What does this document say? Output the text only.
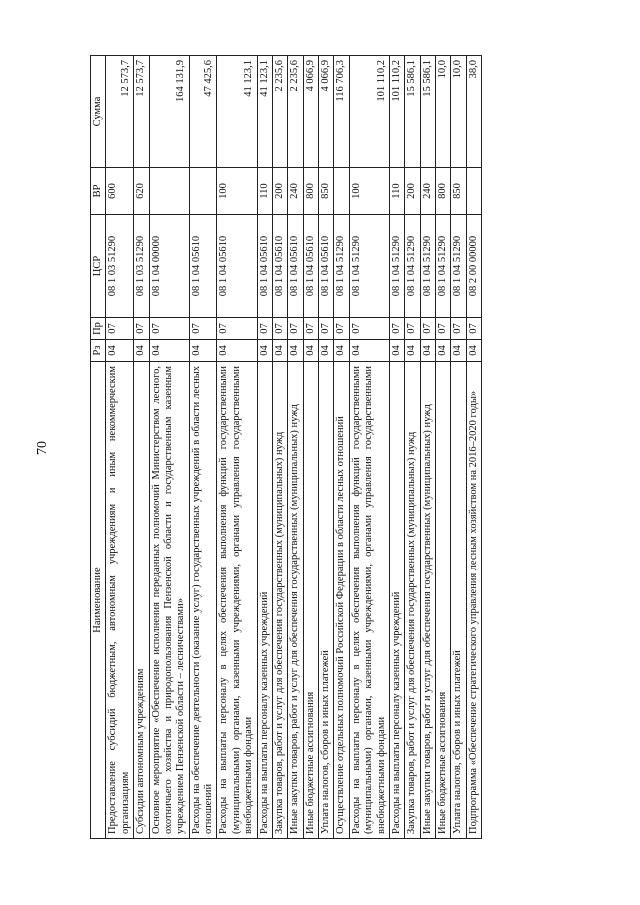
70
Наименование	Рз	Пр	ЦСР	ВР	Сумма
Предоставление субсидий бюджетным, автономным учреждениям и иным некоммерческим организациям	04	07	08 1 03 51290	600	12 573,7
Субсидии автономным учреждениям	04	07	08 1 03 51290	620	12 573,7
Основное мероприятие «Обеспечение исполнения переданных полномочий Министерством лесного, охотничьего хозяйства и природопользования Пензенской области и государственным казенным учреждением Пензенской области – лесничествами»	04	07	08 1 04 00000		164 131,9
Расходы на обеспечение деятельности (оказание услуг) государственных учреждений в области лесных отношений	04	07	08 1 04 05610		47 425,6
Расходы на выплаты персоналу в целях обеспечения выполнения функций государственными (муниципальными) органами, казенными учреждениями, органами управления государственными внебюджетными фондами	04	07	08 1 04 05610	100	41 123,1
Расходы на выплаты персоналу казенных учреждений	04	07	08 1 04 05610	110	41 123,1
Закупка товаров, работ и услуг для обеспечения государственных (муниципальных) нужд	04	07	08 1 04 05610	200	2 235,6
Иные закупки товаров, работ и услуг для обеспечения государственных (муниципальных) нужд	04	07	08 1 04 05610	240	2 235,6
Иные бюджетные ассигнования	04	07	08 1 04 05610	800	4 066,9
Уплата налогов, сборов и иных платежей	04	07	08 1 04 05610	850	4 066,9
Осуществление отдельных полномочий Российской Федерации в области лесных отношений	04	07	08 1 04 51290		116 706,3
Расходы на выплаты персоналу в целях обеспечения выполнения функций государственными (муниципальными) органами, казенными учреждениями, органами управления государственными внебюджетными фондами	04	07	08 1 04 51290	100	101 110,2
Расходы на выплаты персоналу казенных учреждений	04	07	08 1 04 51290	110	101 110,2
Закупка товаров, работ и услуг для обеспечения государственных (муниципальных) нужд	04	07	08 1 04 51290	200	15 586,1
Иные закупки товаров, работ и услуг для обеспечения государственных (муниципальных) нужд	04	07	08 1 04 51290	240	15 586,1
Иные бюджетные ассигнования	04	07	08 1 04 51290	800	10,0
Уплата налогов, сборов и иных платежей	04	07	08 1 04 51290	850	10,0
Подпрограмма «Обеспечение стратегического управления лесным хозяйством на 2016–2020 годы»	04	07	08 2 00 00000		38,0
